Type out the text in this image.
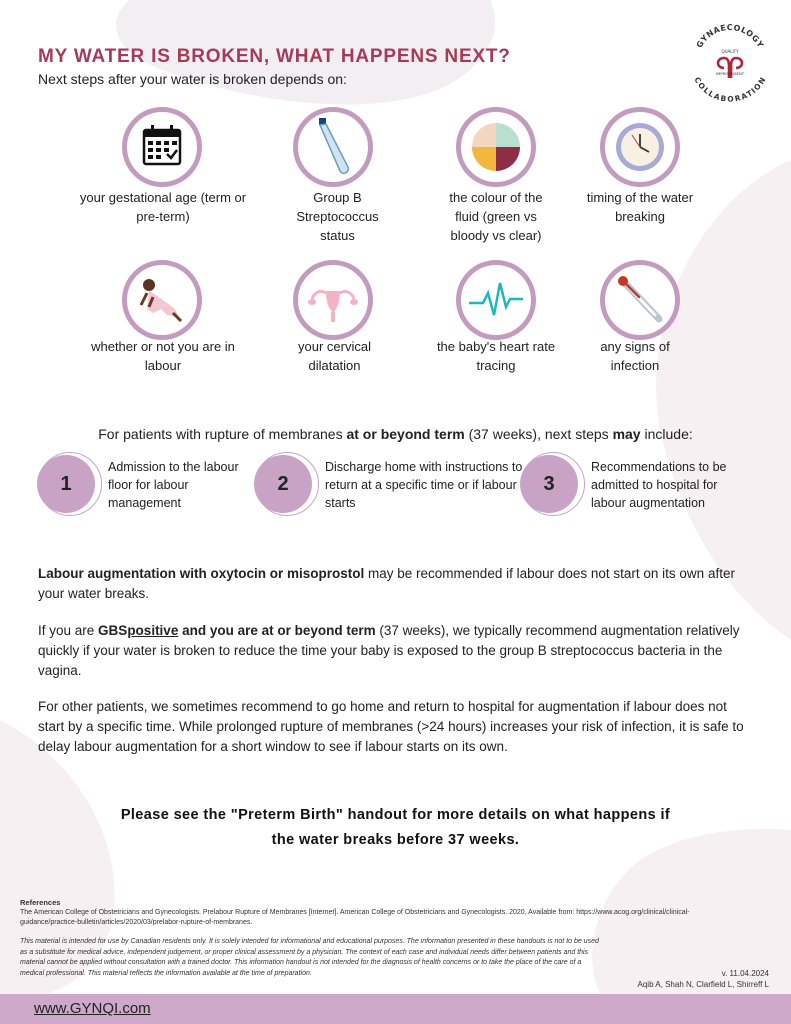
MY WATER IS BROKEN, WHAT HAPPENS NEXT?
Next steps after your water is broken depends on:
GYNAECOLOGY
COLLABORATION
QUALITY
IMPROVEMENT
your gestational age (term or pre-term)
Group B Streptococcus status
the colour of the fluid (green vs bloody vs clear)
timing of the water breaking
whether or not you are in labour
your cervical dilatation
the baby's heart rate tracing
any signs of infection
For patients with rupture of membranes at or beyond term (37 weeks), next steps may include:
1
Admission to the labour floor for labour management
2
Discharge home with instructions to return at a specific time or if labour starts
3
Recommendations to be admitted to hospital for labour augmentation
Labour augmentation with oxytocin or misoprostol may be recommended if labour does not start on its own after your water breaks.
If you are GBSpositive and you are at or beyond term (37 weeks), we typically recommend augmentation relatively quickly if your water is broken to reduce the time your baby is exposed to the group B streptococcus bacteria in the vagina.
For other patients, we sometimes recommend to go home and return to hospital for augmentation if labour does not start by a specific time. While prolonged rupture of membranes (>24 hours) increases your risk of infection, it is safe to delay labour augmentation for a short window to see if labour starts on its own.
Please see the "Preterm Birth" handout for more details on what happens if
the water breaks before 37 weeks.
References
The American College of Obstetricians and Gynecologists. Prelabour Rupture of Membranes [Internet]. American College of Obstetricians and Gynecologists. 2020. Available from: https://www.acog.org/clinical/clinical-guidance/practice-bulletin/articles/2020/03/prelabor-rupture-of-membranes.
This material is intended for use by Canadian residents only. It is solely intended for informational and educational purposes. The information presented in these handouts is not to be used as a substitute for medical advice, independent judgement, or proper clinical assessment by a physician. The context of each case and individual needs differ between patients and this material cannot be applied without consultation with a trained doctor. This information handout is not intended for the diagnosis of health concerns or to take the place of the care of a medical professional. This material reflects the information available at the time of preparation.	v. 11.04.2024
Aqib A, Shah N, Clarfield L, Shirreff L
www.GYNQI.com
